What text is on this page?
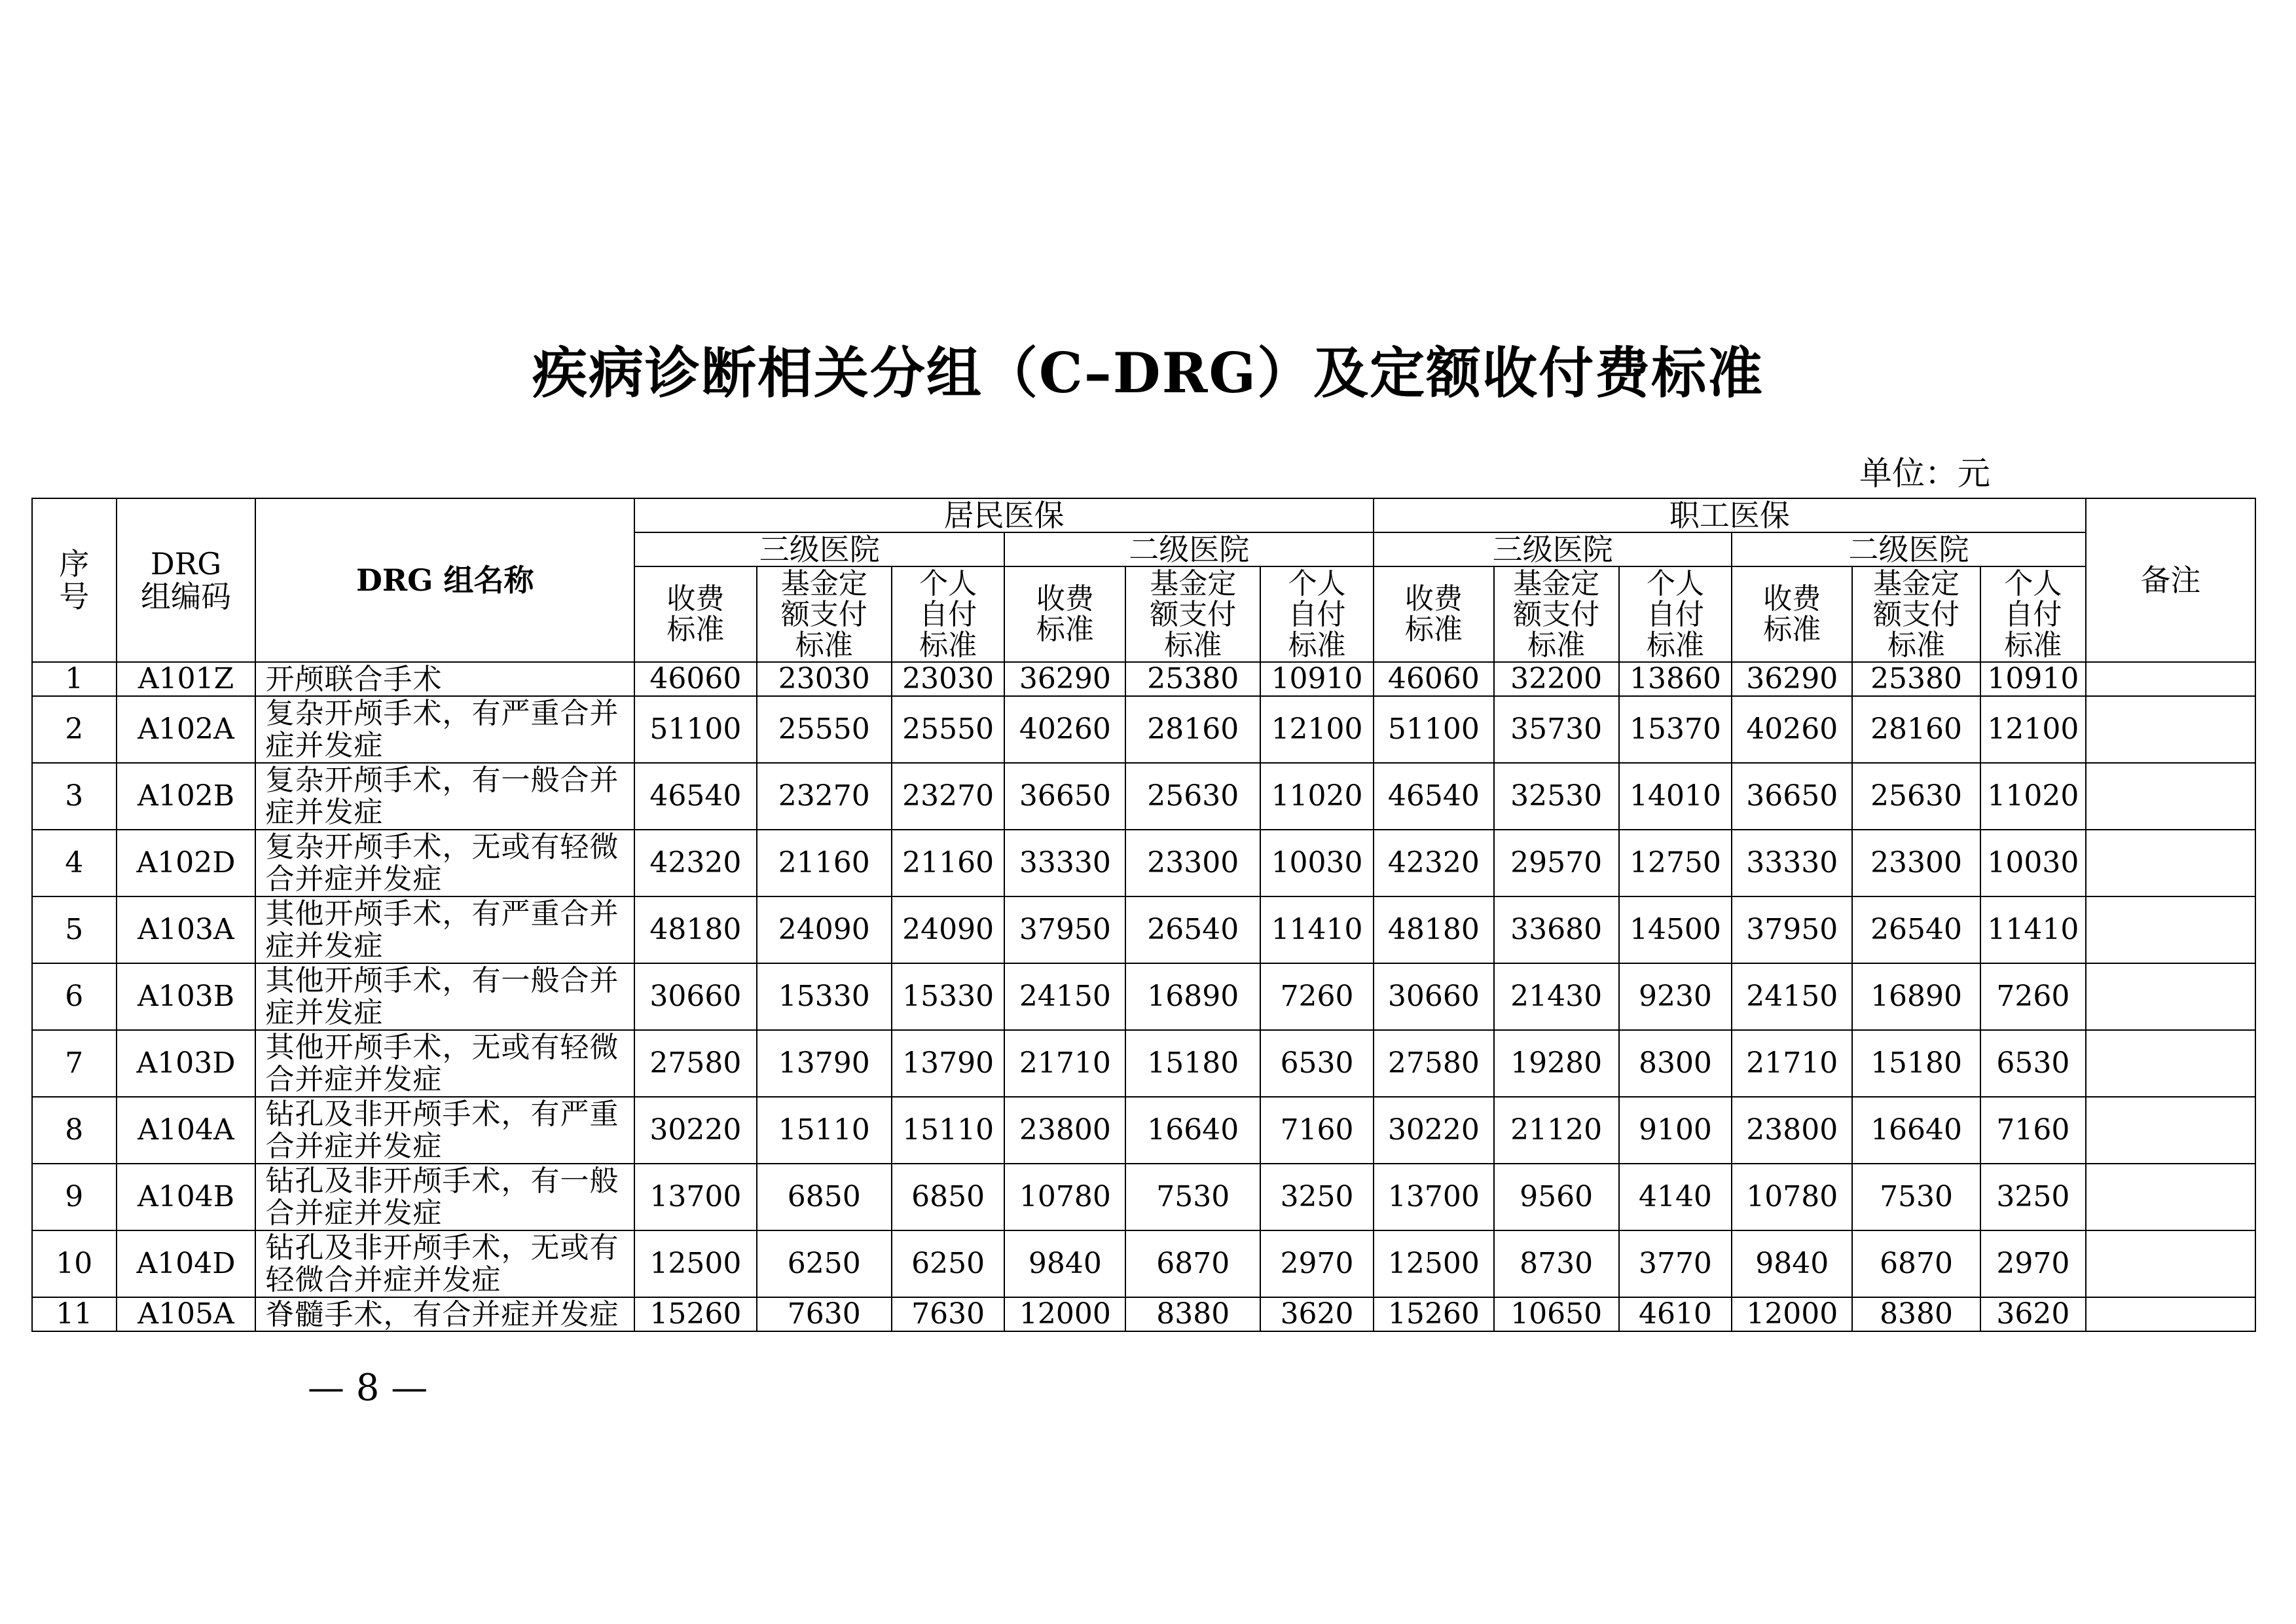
疾病诊断相关分组（C–DRG）及定额收付费标准
单位：元
序号	DRG组编码	DRG 组名称	居民医保						职工医保						备注
			三级医院			二级医院			三级医院			二级医院			
			收费标准	基金定额支付标准	个人自付标准	收费标准	基金定额支付标准	个人自付标准	收费标准	基金定额支付标准	个人自付标准	收费标准	基金定额支付标准	个人自付标准	
1	A101Z	开颅联合手术	46060	23030	23030	36290	25380	10910	46060	32200	13860	36290	25380	10910	
2	A102A	复杂开颅手术，有严重合并症并发症	51100	25550	25550	40260	28160	12100	51100	35730	15370	40260	28160	12100	
3	A102B	复杂开颅手术，有一般合并症并发症	46540	23270	23270	36650	25630	11020	46540	32530	14010	36650	25630	11020	
4	A102D	复杂开颅手术，无或有轻微合并症并发症	42320	21160	21160	33330	23300	10030	42320	29570	12750	33330	23300	10030	
5	A103A	其他开颅手术，有严重合并症并发症	48180	24090	24090	37950	26540	11410	48180	33680	14500	37950	26540	11410	
6	A103B	其他开颅手术，有一般合并症并发症	30660	15330	15330	24150	16890	7260	30660	21430	9230	24150	16890	7260	
7	A103D	其他开颅手术，无或有轻微合并症并发症	27580	13790	13790	21710	15180	6530	27580	19280	8300	21710	15180	6530	
8	A104A	钻孔及非开颅手术，有严重合并症并发症	30220	15110	15110	23800	16640	7160	30220	21120	9100	23800	16640	7160	
9	A104B	钻孔及非开颅手术，有一般合并症并发症	13700	6850	6850	10780	7530	3250	13700	9560	4140	10780	7530	3250	
10	A104D	钻孔及非开颅手术，无或有轻微合并症并发症	12500	6250	6250	9840	6870	2970	12500	8730	3770	9840	6870	2970	
11	A105A	脊髓手术，有合并症并发症	15260	7630	7630	12000	8380	3620	15260	10650	4610	12000	8380	3620	
— 8 —
